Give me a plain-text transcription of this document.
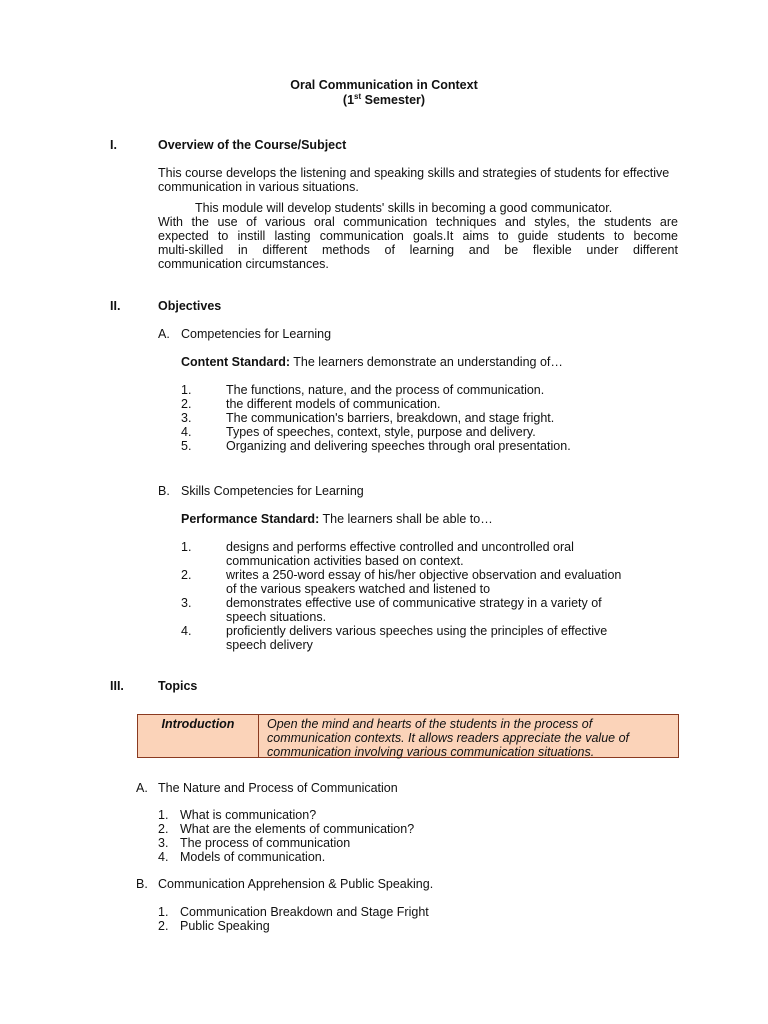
Oral Communication in Context
(1st Semester)
I.	Overview of the Course/Subject
This course develops the listening and speaking skills and strategies of students for effective communication in various situations.
This module will develop students' skills in becoming a good communicator.
With the use of various oral communication techniques and styles, the students are
expected to instill lasting communication goals.It aims to guide students to become
multi-skilled in different methods of learning and be flexible under different
communication circumstances.
II.	Objectives
A. Competencies for Learning
Content Standard: The learners demonstrate an understanding of…
1.	The functions, nature, and the process of communication.
2.	the different models of communication.
3.	The communication's barriers, breakdown, and stage fright.
4.	Types of speeches, context, style, purpose and delivery.
5.	Organizing and delivering speeches through oral presentation.
B. Skills Competencies for Learning
Performance Standard: The learners shall be able to…
1.	designs and performs effective controlled and uncontrolled oral
communication activities based on context.
2.	writes a 250-word essay of his/her objective observation and evaluation
of the various speakers watched and listened to
3.	demonstrates effective use of communicative strategy in a variety of
speech situations.
4.	proficiently delivers various speeches using the principles of effective
speech delivery
III.	Topics
Introduction	Open the mind and hearts of the students in the process of
communication contexts. It allows readers appreciate the value of
communication involving various communication situations.
A. The Nature and Process of Communication
1. What is communication?
2. What are the elements of communication?
3. The process of communication
4. Models of communication.
B. Communication Apprehension & Public Speaking.
1. Communication Breakdown and Stage Fright
2. Public Speaking
